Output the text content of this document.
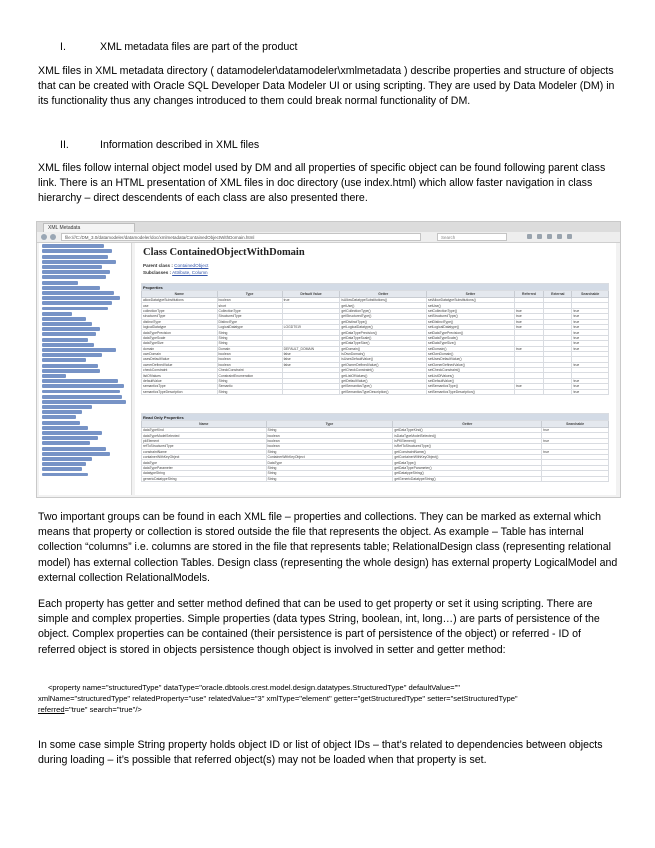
I.	XML metadata files are part of the product

XML files in XML metadata directory ( datamodeler\datamodeler\xmlmetadata ) describe properties and structure of objects that can be created with Oracle SQL Developer Data Modeler UI or using scripting. They are used by Data Modeler (DM) in its functionality thus any changes introduced to them could break normal functionality of DM.

II.	Information described in XML files

XML files follow internal object model used by DM and all properties of specific object can be found following parent class link. There is an HTML presentation of XML files in doc directory (use index.html) which allow faster navigation in class hierarchy – direct descendents of each class are also presented there.

XML Metadata
file:///C:/DM_3.0/datamodeler/datamodeler/doc/xmlmetadata/ContainedObjectWithDomain.html	Search
Class ContainedObjectWithDomain
Parent class : ContainedObject
Subclasses : Attribute, Column
Properties							
Name	Type	Default Value	Getter	Setter	Referred	External	Searchable
allowDatatypeSubstitutions	boolean	true	isAllowDatatypeSubstitutions()	setAllowDatatypeSubstitutions()			
use	short		getUse()	setUse()			
collectionType	CollectionType		getCollectionType()	setCollectionType()	true		true
structuredType	StructuredType		getStructuredType()	setStructuredType()	true		true
distinctType	DistinctType		getDistinctType()	setDistinctType()	true		true
logicalDatatype	LogicalDatatype	LOGDT019	getLogicalDatatype()	setLogicalDatatype()	true		true
dataTypePrecision	String		getDataTypePrecision()	setDataTypePrecision()			true
dataTypeScale	String		getDataTypeScale()	setDataTypeScale()			true
dataTypeSize	String		getDataTypeSize()	setDataTypeSize()			true
domain	Domain	DEFAULT_DOMAIN	getDomain()	setDomain()	true		true
ownDomain	boolean	false	isOwnDomain()	setOwnDomain()			
usesDefaultValue	boolean	false	isUsesDefaultValue()	setUsesDefaultValue()			
ownerDefinedValue	boolean	false	getOwnerDefinedValue()	setOwnerDefinedValue()			true
checkConstraint	CheckConstraint		getCheckConstraint()	setCheckConstraint()			
listOfValues	ConstraintEnumeration		getListOfValues()	setListOfValues()			
defaultValue	String		getDefaultValue()	setDefaultValue()			true
semanticsType	Semantic		getSemanticsType()	setSemanticsType()	true		true
semanticsTypeDescription	String		getSemanticsTypeDescription()	setSemanticsTypeDescription()			true
Read Only Properties			
Name	Type	Getter	Searchable
dataTypeKind	String	getDataTypeKind()	true
dataTypeModelSelected	boolean	isDataTypeModelSelected()	
pkElement	boolean	isPKElement()	true
refToStructuredType	boolean	isRefToStructuredType()	
constraintName	String	getConstraintName()	true
containerWithKeyObject	ContainerWithKeyObject	getContainerWithKeyObject()	
dataType	DataType	getDataType()	
dataTypeParameter	String	getDataTypeParameter()	
datatypeString	String	getDatatypeString()	
genericDatatypeString	String	getGenericDatatypeString()	

Two important groups can be found in each XML file – properties and collections. They can be marked as external which means that property or collection is stored outside the file that represents the object. As example – Table has internal collection “columns” i.e. columns are stored in the file that represents table; RelationalDesign class (representing relational model) has external collection Tables. Design class (representing the whole design) has external property LogicalModel and external collection RelationalModels.

Each property has getter and setter method defined that can be used to get property or set it using scripting. There are simple and complex properties. Simple properties (data types String, boolean, int, long…) are parts of persistence of the object. Complex properties can be contained (their persistence is part of persistence of the object) or referred - ID of referred object is stored in objects persistence though object is involved in setter and getter method:

<property name="structuredType" dataType="oracle.dbtools.crest.model.design.datatypes.StructuredType" defaultValue=""
xmlName="structuredType" relatedProperty="use" relatedValue="3" xmlType="element" getter="getStructuredType" setter="setStructuredType"
referred="true" search="true"/>

In some case simple String property holds object ID or list of object IDs – that’s related to dependencies between objects during loading – it’s possible that referred object(s) may not be loaded when that property is set.
